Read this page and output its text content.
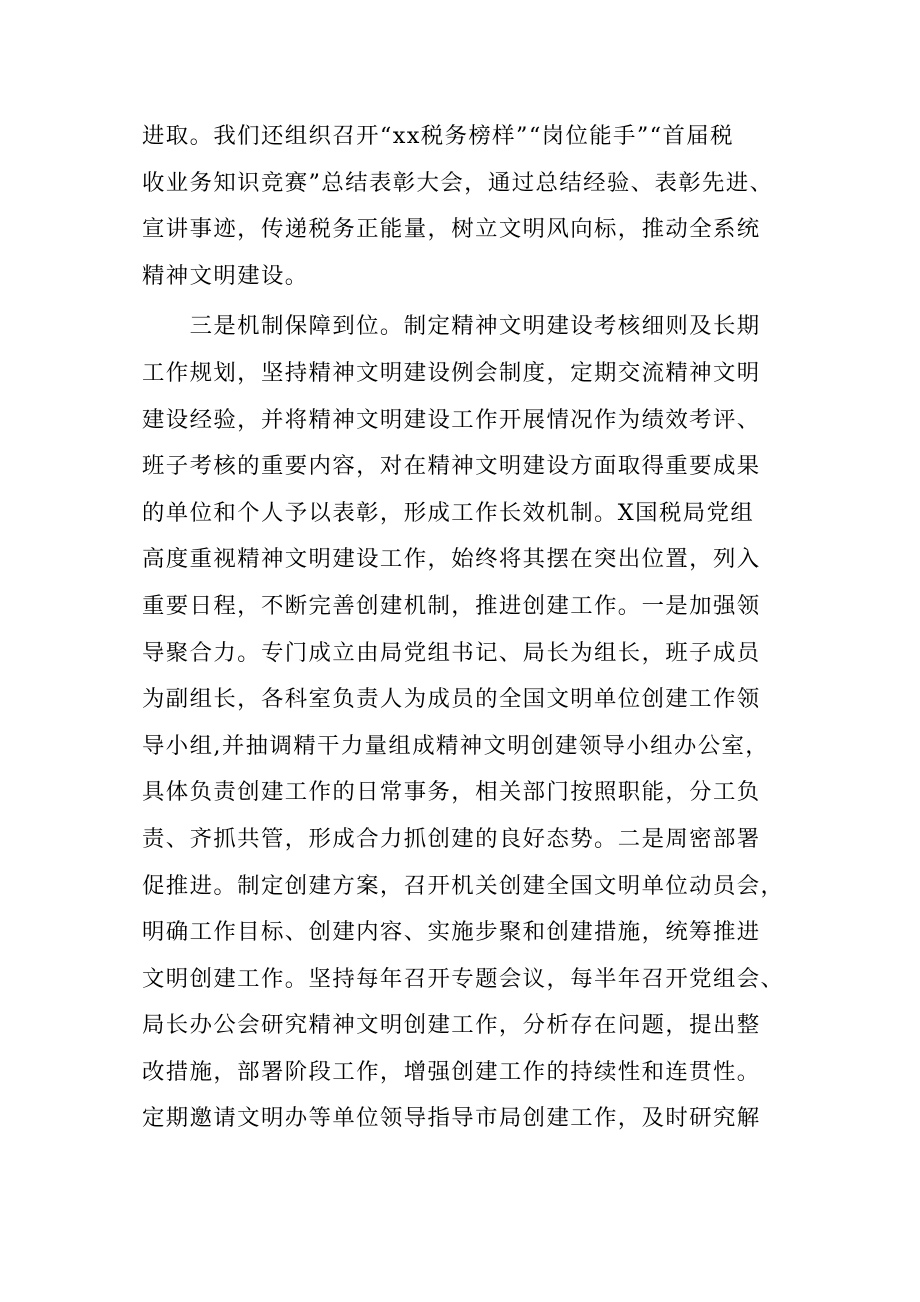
进取。我们还组织召开“xx税务榜样”“岗位能手”“首届税
收业务知识竞赛”总结表彰大会，通过总结经验、表彰先进、
宣讲事迹，传递税务正能量，树立文明风向标，推动全系统
精神文明建设。
　　三是机制保障到位。制定精神文明建设考核细则及长期
工作规划，坚持精神文明建设例会制度，定期交流精神文明
建设经验，并将精神文明建设工作开展情况作为绩效考评、
班子考核的重要内容，对在精神文明建设方面取得重要成果
的单位和个人予以表彰，形成工作长效机制。X国税局党组
高度重视精神文明建设工作，始终将其摆在突出位置，列入
重要日程，不断完善创建机制，推进创建工作。一是加强领
导聚合力。专门成立由局党组书记、局长为组长，班子成员
为副组长，各科室负责人为成员的全国文明单位创建工作领
导小组,并抽调精干力量组成精神文明创建领导小组办公室，
具体负责创建工作的日常事务，相关部门按照职能，分工负
责、齐抓共管，形成合力抓创建的良好态势。二是周密部署
促推进。制定创建方案，召开机关创建全国文明单位动员会，
明确工作目标、创建内容、实施步聚和创建措施，统筹推进
文明创建工作。坚持每年召开专题会议，每半年召开党组会、
局长办公会研究精神文明创建工作，分析存在问题，提出整
改措施，部署阶段工作，增强创建工作的持续性和连贯性。
定期邀请文明办等单位领导指导市局创建工作，及时研究解
